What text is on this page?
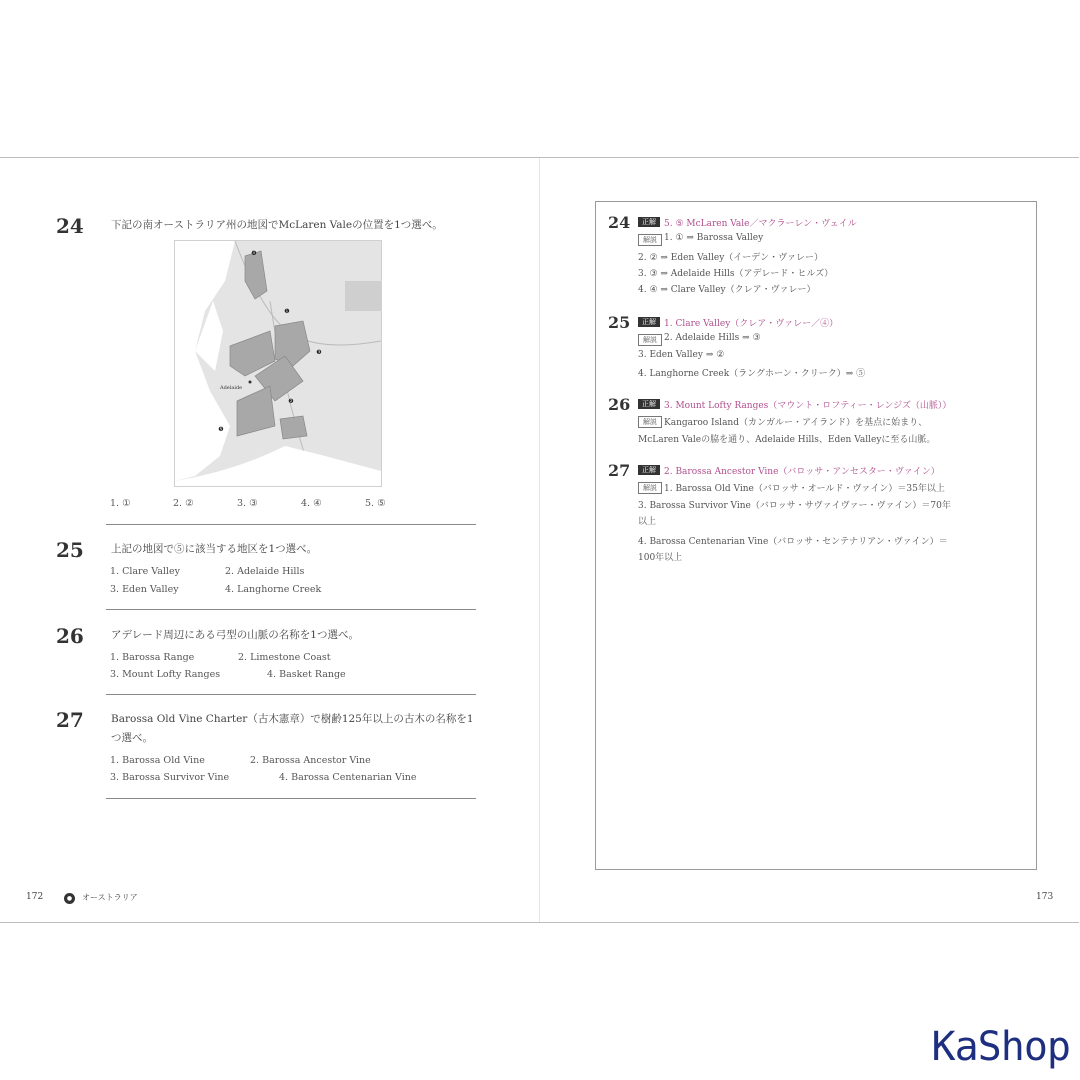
24	下記の南オーストラリア州の地図でMcLaren Valeの位置を1つ選べ。
Adelaide
❹
❶
❸
❷
❺
1. ①	2. ②	3. ③	4. ④	5. ⑤
25	上記の地図で⑤に該当する地区を1つ選べ。
1. Clare Valley	2. Adelaide Hills
3. Eden Valley	4. Langhorne Creek
26	アデレード周辺にある弓型の山脈の名称を1つ選べ。
1. Barossa Range	2. Limestone Coast
3. Mount Lofty Ranges	4. Basket Range
27	Barossa Old Vine Charter（古木憲章）で樹齢125年以上の古木の名称を1つ選べ。
1. Barossa Old Vine	2. Barossa Ancestor Vine
3. Barossa Survivor Vine	4. Barossa Centenarian Vine
172	●	オーストラリア
24	正解 5. ⑤ McLaren Vale／マクラーレン・ヴェイル
解説 1. ① ⇒ Barossa Valley
2. ② ⇒ Eden Valley（イーデン・ヴァレー）
3. ③ ⇒ Adelaide Hills（アデレード・ヒルズ）
4. ④ ⇒ Clare Valley（クレア・ヴァレー）
25	正解 1. Clare Valley（クレア・ヴァレー／④）
解説 2. Adelaide Hills ⇒ ③
3. Eden Valley ⇒ ②
4. Langhorne Creek（ラングホーン・クリーク）⇒ ⑤
26	正解 3. Mount Lofty Ranges（マウント・ロフティー・レンジズ（山脈））
解説 Kangaroo Island（カンガルー・アイランド）を基点に始まり、
McLaren Valeの脇を通り、Adelaide Hills、Eden Valleyに至る山脈。
27	正解 2. Barossa Ancestor Vine（バロッサ・アンセスター・ヴァイン）
解説 1. Barossa Old Vine（バロッサ・オールド・ヴァイン）＝35年以上
3. Barossa Survivor Vine（バロッサ・サヴァイヴァー・ヴァイン）＝70年
以上
4. Barossa Centenarian Vine（バロッサ・センテナリアン・ヴァイン）＝
100年以上
173
KaShop
